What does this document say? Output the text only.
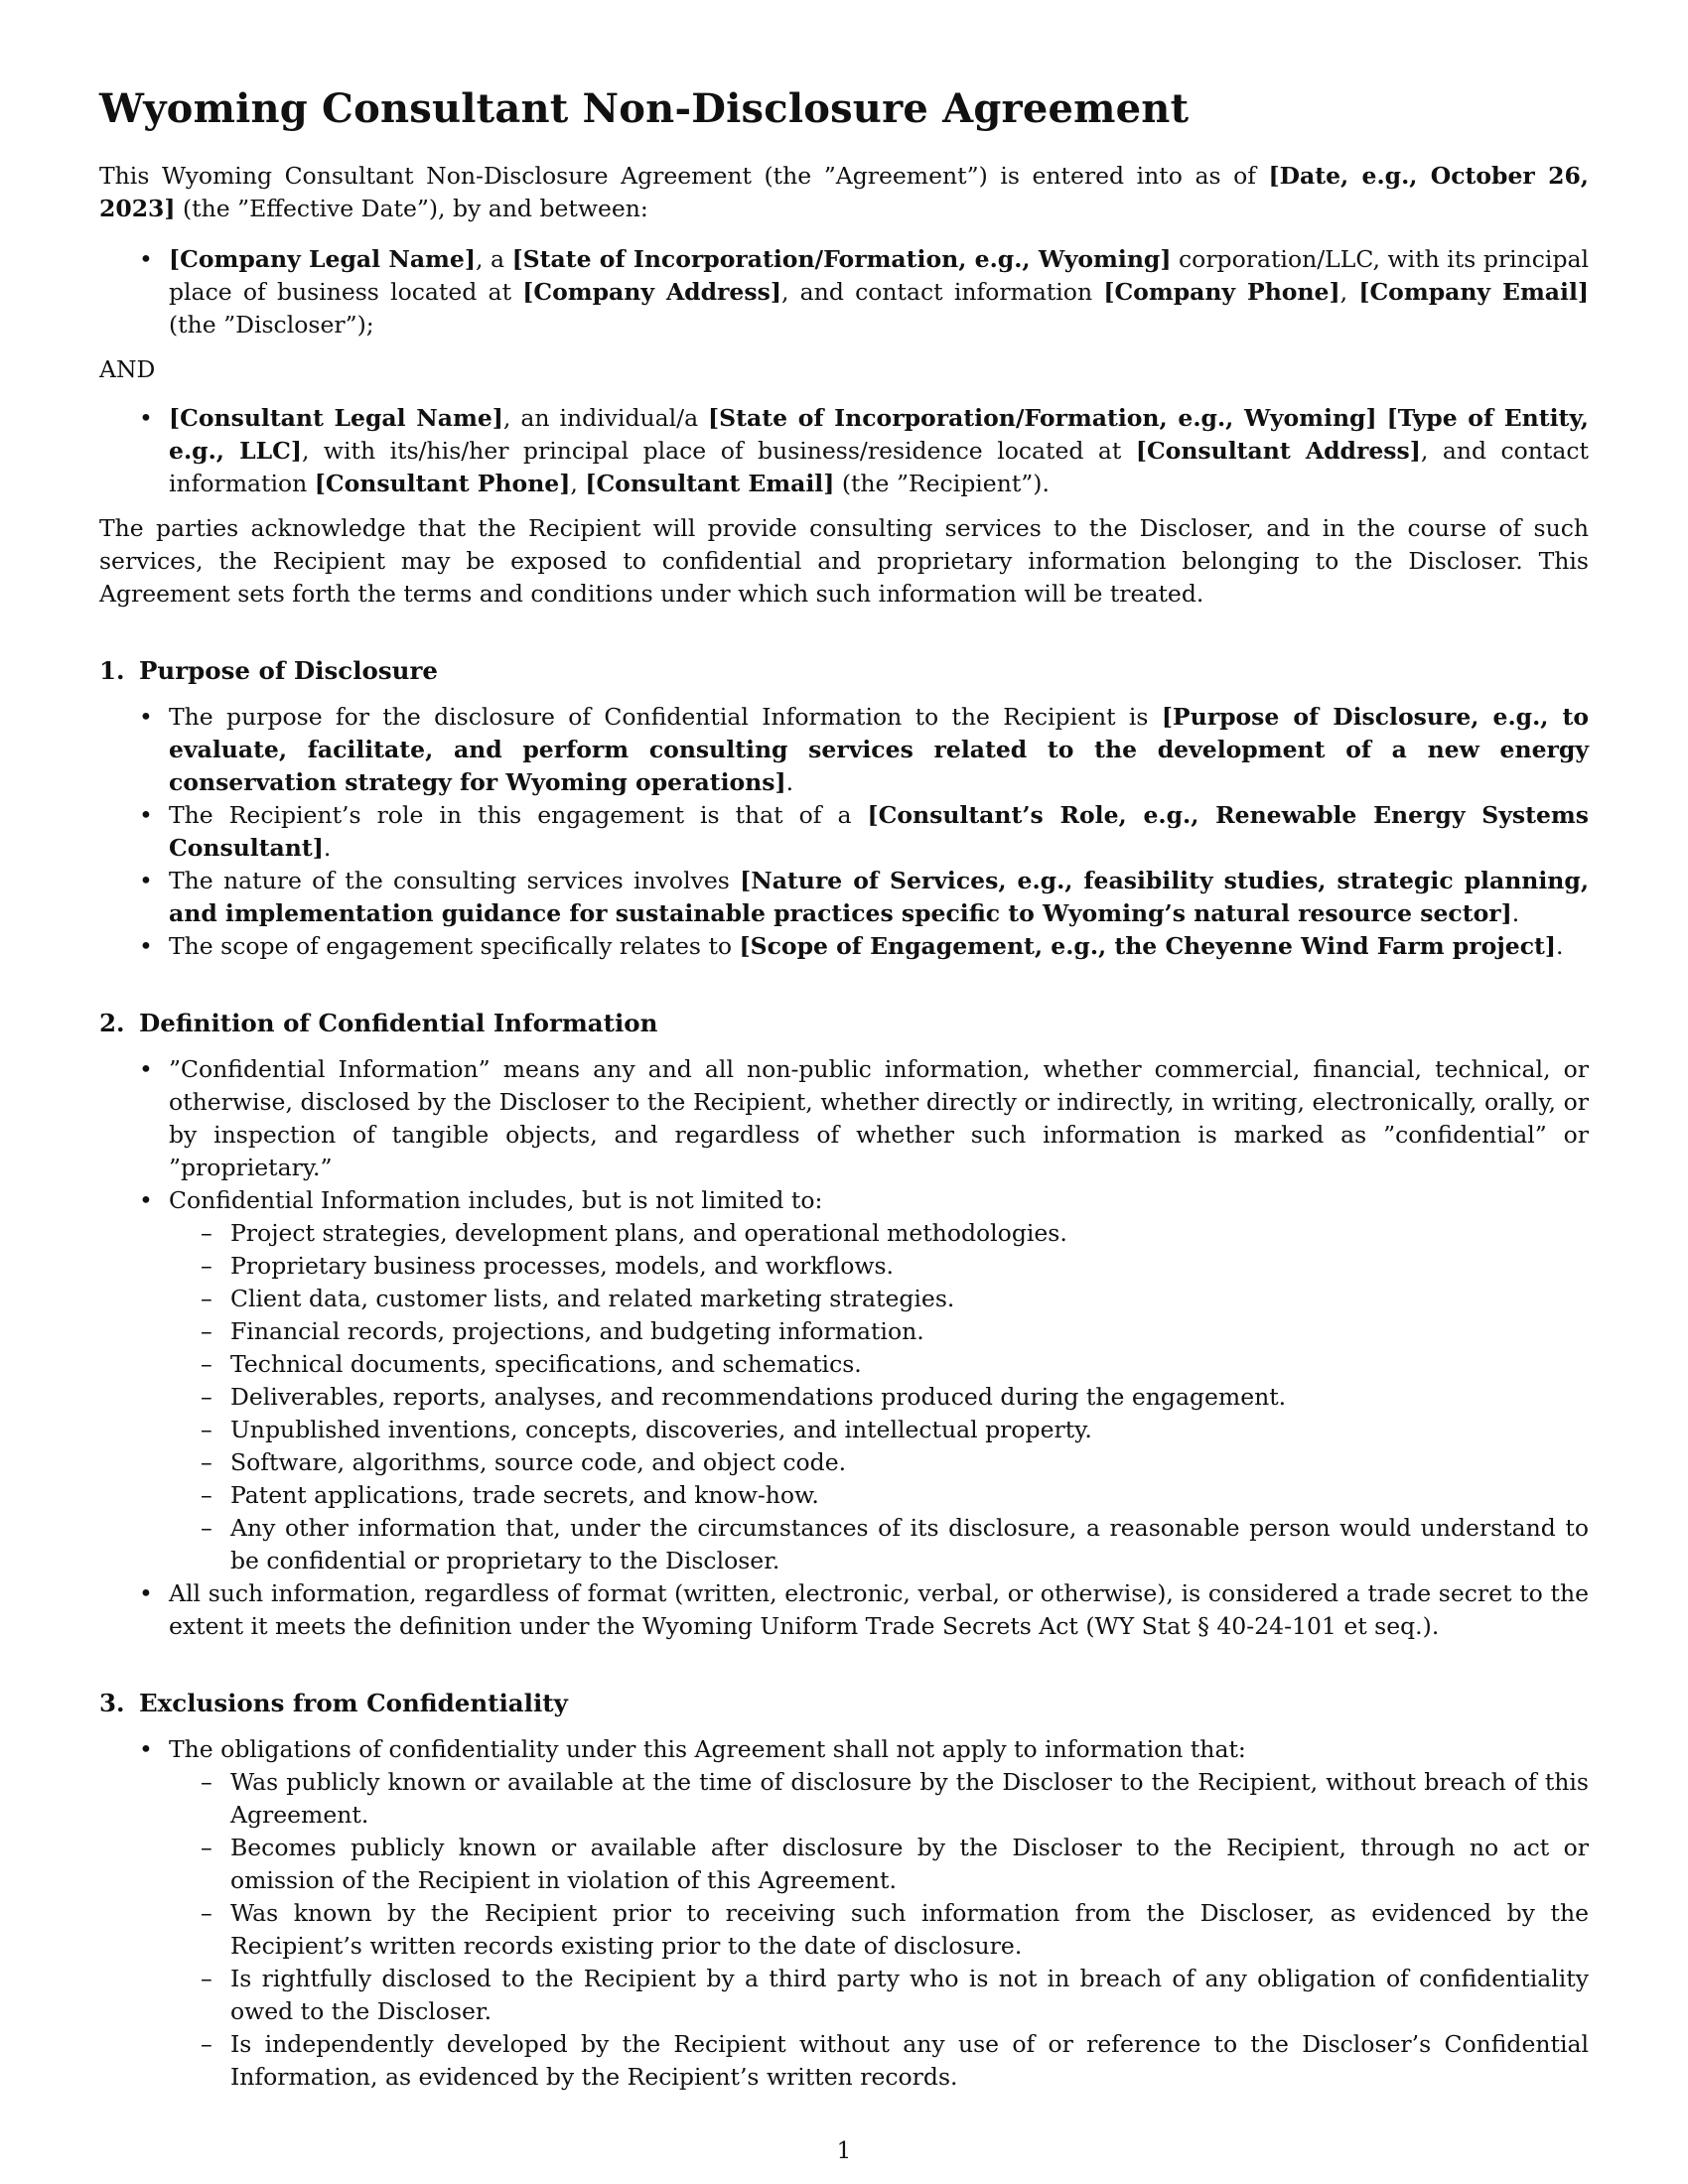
Wyoming Consultant Non-Disclosure Agreement

This Wyoming Consultant Non-Disclosure Agreement (the ”Agreement”) is entered into as of [Date, e.g., October 26, 2023] (the ”Effective Date”), by and between:

• [Company Legal Name], a [State of Incorporation/Formation, e.g., Wyoming] corporation/LLC, with its principal place of business located at [Company Address], and contact information [Company Phone], [Company Email] (the ”Discloser”);

AND

• [Consultant Legal Name], an individual/a [State of Incorporation/Formation, e.g., Wyoming] [Type of Entity, e.g., LLC], with its/his/her principal place of business/residence located at [Consultant Address], and contact information [Consultant Phone], [Consultant Email] (the ”Recipient”).

The parties acknowledge that the Recipient will provide consulting services to the Discloser, and in the course of such services, the Recipient may be exposed to confidential and proprietary information belonging to the Discloser. This Agreement sets forth the terms and conditions under which such information will be treated.

1. Purpose of Disclosure
• The purpose for the disclosure of Confidential Information to the Recipient is [Purpose of Disclosure, e.g., to evaluate, facilitate, and perform consulting services related to the development of a new energy conservation strategy for Wyoming operations].
• The Recipient’s role in this engagement is that of a [Consultant’s Role, e.g., Renewable Energy Systems Consultant].
• The nature of the consulting services involves [Nature of Services, e.g., feasibility studies, strategic planning, and implementation guidance for sustainable practices specific to Wyoming’s natural resource sector].
• The scope of engagement specifically relates to [Scope of Engagement, e.g., the Cheyenne Wind Farm project].
2. Definition of Confidential Information
• ”Confidential Information” means any and all non-public information, whether commercial, financial, technical, or otherwise, disclosed by the Discloser to the Recipient, whether directly or indirectly, in writing, electronically, orally, or by inspection of tangible objects, and regardless of whether such information is marked as ”confidential” or ”proprietary.”
• Confidential Information includes, but is not limited to:
– Project strategies, development plans, and operational methodologies.
– Proprietary business processes, models, and workflows.
– Client data, customer lists, and related marketing strategies.
– Financial records, projections, and budgeting information.
– Technical documents, specifications, and schematics.
– Deliverables, reports, analyses, and recommendations produced during the engagement.
– Unpublished inventions, concepts, discoveries, and intellectual property.
– Software, algorithms, source code, and object code.
– Patent applications, trade secrets, and know-how.
– Any other information that, under the circumstances of its disclosure, a reasonable person would understand to be confidential or proprietary to the Discloser.
• All such information, regardless of format (written, electronic, verbal, or otherwise), is considered a trade secret to the extent it meets the definition under the Wyoming Uniform Trade Secrets Act (WY Stat § 40-24-101 et seq.).
3. Exclusions from Confidentiality
• The obligations of confidentiality under this Agreement shall not apply to information that:
– Was publicly known or available at the time of disclosure by the Discloser to the Recipient, without breach of this Agreement.
– Becomes publicly known or available after disclosure by the Discloser to the Recipient, through no act or omission of the Recipient in violation of this Agreement.
– Was known by the Recipient prior to receiving such information from the Discloser, as evidenced by the Recipient’s written records existing prior to the date of disclosure.
– Is rightfully disclosed to the Recipient by a third party who is not in breach of any obligation of confidentiality owed to the Discloser.
– Is independently developed by the Recipient without any use of or reference to the Discloser’s Confidential Information, as evidenced by the Recipient’s written records.
1
